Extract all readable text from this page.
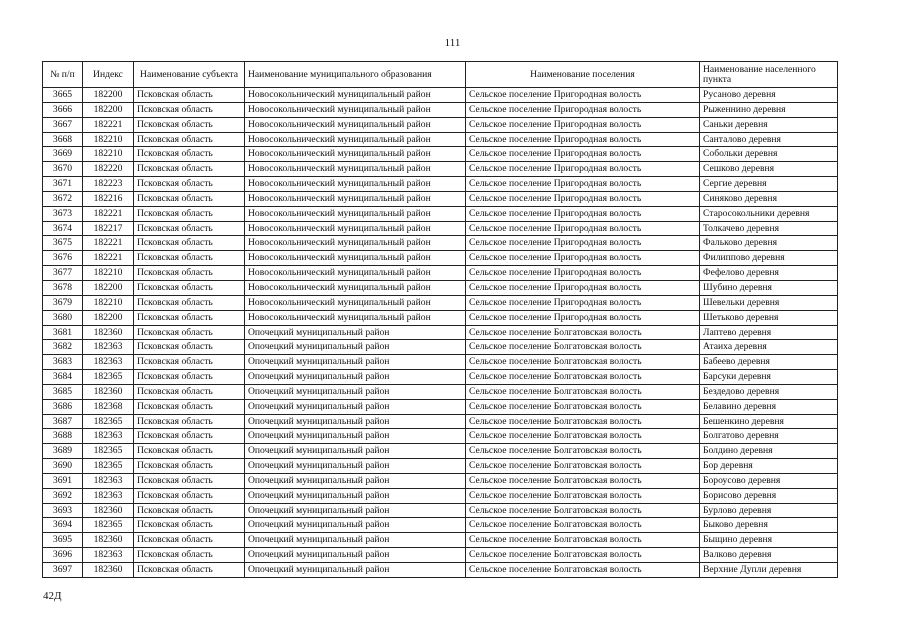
111
№ п/п	Индекс	Наименование субъекта	Наименование муниципального образования	Наименование поселения	Наименование населенного пункта
3665	182200	Псковская область	Новосокольнический муниципальный район	Сельское поселение Пригородная волость	Русаново деревня
3666	182200	Псковская область	Новосокольнический муниципальный район	Сельское поселение Пригородная волость	Рыженнино деревня
3667	182221	Псковская область	Новосокольнический муниципальный район	Сельское поселение Пригородная волость	Саньки деревня
3668	182210	Псковская область	Новосокольнический муниципальный район	Сельское поселение Пригородная волость	Санталово деревня
3669	182210	Псковская область	Новосокольнический муниципальный район	Сельское поселение Пригородная волость	Собольки деревня
3670	182220	Псковская область	Новосокольнический муниципальный район	Сельское поселение Пригородная волость	Сешково деревня
3671	182223	Псковская область	Новосокольнический муниципальный район	Сельское поселение Пригородная волость	Сергие деревня
3672	182216	Псковская область	Новосокольнический муниципальный район	Сельское поселение Пригородная волость	Синяково деревня
3673	182221	Псковская область	Новосокольнический муниципальный район	Сельское поселение Пригородная волость	Старосокольники деревня
3674	182217	Псковская область	Новосокольнический муниципальный район	Сельское поселение Пригородная волость	Толкачево деревня
3675	182221	Псковская область	Новосокольнический муниципальный район	Сельское поселение Пригородная волость	Фальково деревня
3676	182221	Псковская область	Новосокольнический муниципальный район	Сельское поселение Пригородная волость	Филиппово деревня
3677	182210	Псковская область	Новосокольнический муниципальный район	Сельское поселение Пригородная волость	Фефелово деревня
3678	182200	Псковская область	Новосокольнический муниципальный район	Сельское поселение Пригородная волость	Шубино деревня
3679	182210	Псковская область	Новосокольнический муниципальный район	Сельское поселение Пригородная волость	Шевельки деревня
3680	182200	Псковская область	Новосокольнический муниципальный район	Сельское поселение Пригородная волость	Шетьково деревня
3681	182360	Псковская область	Опочецкий муниципальный район	Сельское поселение Болгатовская волость	Лаптево деревня
3682	182363	Псковская область	Опочецкий муниципальный район	Сельское поселение Болгатовская волость	Атаиха деревня
3683	182363	Псковская область	Опочецкий муниципальный район	Сельское поселение Болгатовская волость	Бабеево деревня
3684	182365	Псковская область	Опочецкий муниципальный район	Сельское поселение Болгатовская волость	Барсуки деревня
3685	182360	Псковская область	Опочецкий муниципальный район	Сельское поселение Болгатовская волость	Бездедово деревня
3686	182368	Псковская область	Опочецкий муниципальный район	Сельское поселение Болгатовская волость	Белавино деревня
3687	182365	Псковская область	Опочецкий муниципальный район	Сельское поселение Болгатовская волость	Бешенкино деревня
3688	182363	Псковская область	Опочецкий муниципальный район	Сельское поселение Болгатовская волость	Болгатово деревня
3689	182365	Псковская область	Опочецкий муниципальный район	Сельское поселение Болгатовская волость	Болдино деревня
3690	182365	Псковская область	Опочецкий муниципальный район	Сельское поселение Болгатовская волость	Бор деревня
3691	182363	Псковская область	Опочецкий муниципальный район	Сельское поселение Болгатовская волость	Бороусово деревня
3692	182363	Псковская область	Опочецкий муниципальный район	Сельское поселение Болгатовская волость	Борисово деревня
3693	182360	Псковская область	Опочецкий муниципальный район	Сельское поселение Болгатовская волость	Бурлово деревня
3694	182365	Псковская область	Опочецкий муниципальный район	Сельское поселение Болгатовская волость	Быково деревня
3695	182360	Псковская область	Опочецкий муниципальный район	Сельское поселение Болгатовская волость	Быщино деревня
3696	182363	Псковская область	Опочецкий муниципальный район	Сельское поселение Болгатовская волость	Валково деревня
3697	182360	Псковская область	Опочецкий муниципальный район	Сельское поселение Болгатовская волость	Верхние Дупли деревня
42Д
